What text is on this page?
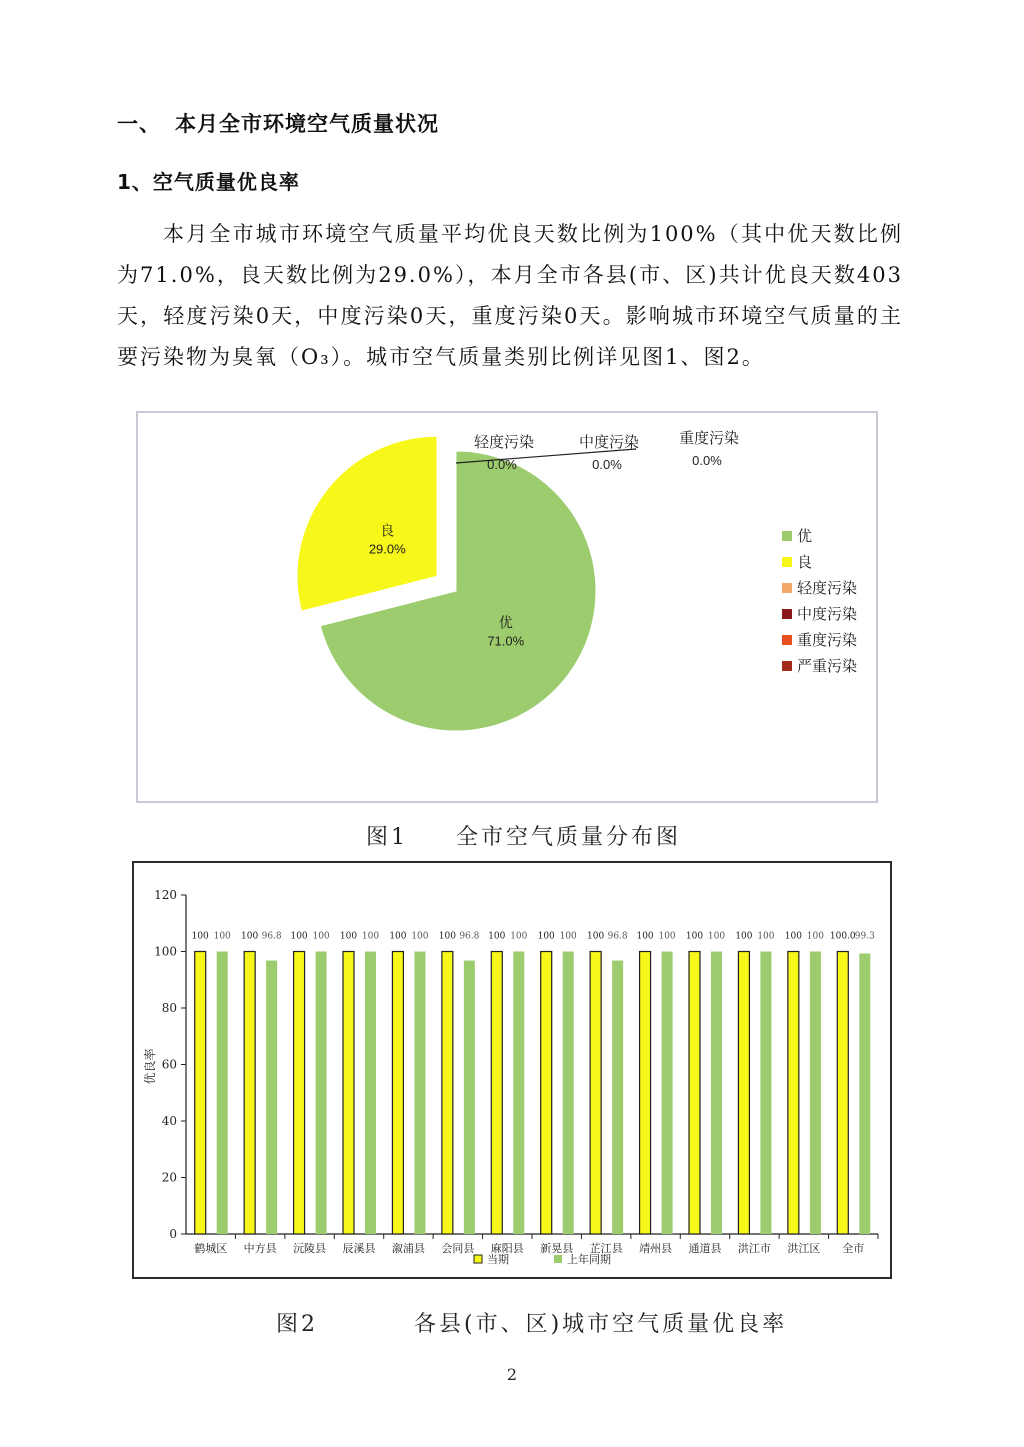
一、 本月全市环境空气质量状况
1、空气质量优良率
本月全市城市环境空气质量平均优良天数比例为100%（其中优天数比例为71.0%，良天数比例为29.0%），本月全市各县(市、区)共计优良天数403天，轻度污染0天，中度污染0天，重度污染0天。影响城市环境空气质量的主要污染物为臭氧（O₃）。城市空气质量类别比例详见图1、图2。
优
71.0%
良
29.0%
轻度污染
0.0%
中度污染
0.0%
重度污染
0.0%
优
良
轻度污染
中度污染
重度污染
严重污染
图1 全市空气质量分布图
0
20
40
60
80
100
120
优良率
100 100
鹤城区
100 96.8
中方县
100 100
沅陵县
100 100
辰溪县
100 100
溆浦县
100 96.8
会同县
100 100
麻阳县
100 100
新晃县
100 96.8
芷江县
100 100
靖州县
100 100
通道县
100 100
洪江市
100 100
洪江区
100.0 99.3
全市
当期	上年同期
图2	各县(市、区)城市空气质量优良率
2
